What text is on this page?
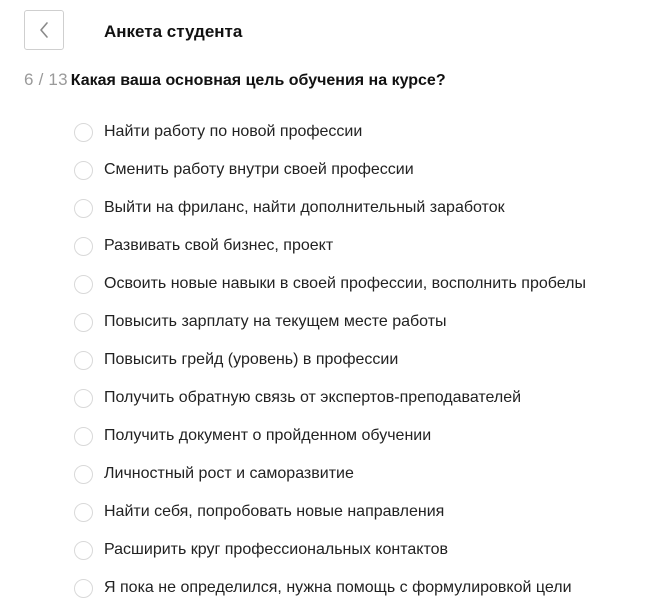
Анкета студента
6 / 13 Какая ваша основная цель обучения на курсе?
Найти работу по новой профессии
Сменить работу внутри своей профессии
Выйти на фриланс, найти дополнительный заработок
Развивать свой бизнес, проект
Освоить новые навыки в своей профессии, восполнить пробелы
Повысить зарплату на текущем месте работы
Повысить грейд (уровень) в профессии
Получить обратную связь от экспертов-преподавателей
Получить документ о пройденном обучении
Личностный рост и саморазвитие
Найти себя, попробовать новые направления
Расширить круг профессиональных контактов
Я пока не определился, нужна помощь с формулировкой цели
